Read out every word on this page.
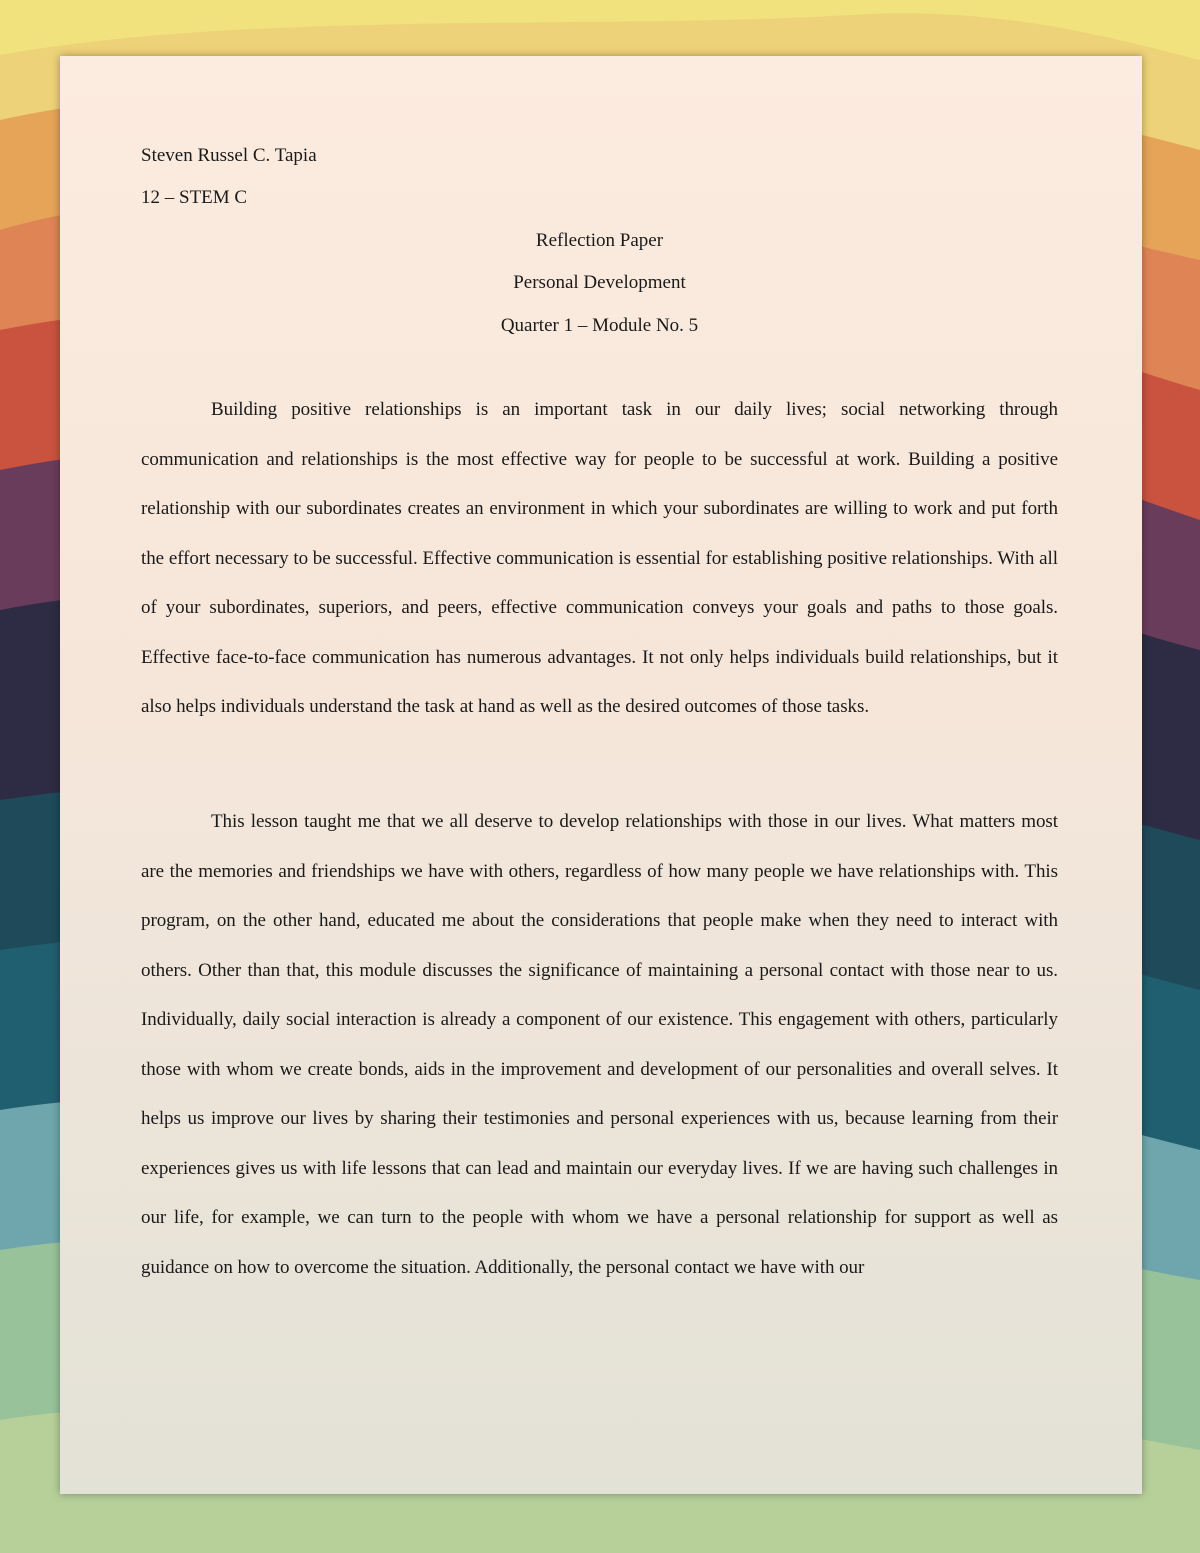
Steven Russel C. Tapia
12 – STEM C
Reflection Paper
Personal Development
Quarter 1 – Module No. 5

Building positive relationships is an important task in our daily lives; social networking through communication and relationships is the most effective way for people to be successful at work. Building a positive relationship with our subordinates creates an environment in which your subordinates are willing to work and put forth the effort necessary to be successful. Effective communication is essential for establishing positive relationships. With all of your subordinates, superiors, and peers, effective communication conveys your goals and paths to those goals. Effective face-to-face communication has numerous advantages. It not only helps individuals build relationships, but it also helps individuals understand the task at hand as well as the desired outcomes of those tasks.

This lesson taught me that we all deserve to develop relationships with those in our lives. What matters most are the memories and friendships we have with others, regardless of how many people we have relationships with. This program, on the other hand, educated me about the considerations that people make when they need to interact with others. Other than that, this module discusses the significance of maintaining a personal contact with those near to us. Individually, daily social interaction is already a component of our existence. This engagement with others, particularly those with whom we create bonds, aids in the improvement and development of our personalities and overall selves. It helps us improve our lives by sharing their testimonies and personal experiences with us, because learning from their experiences gives us with life lessons that can lead and maintain our everyday lives. If we are having such challenges in our life, for example, we can turn to the people with whom we have a personal relationship for support as well as guidance on how to overcome the situation. Additionally, the personal contact we have with our
